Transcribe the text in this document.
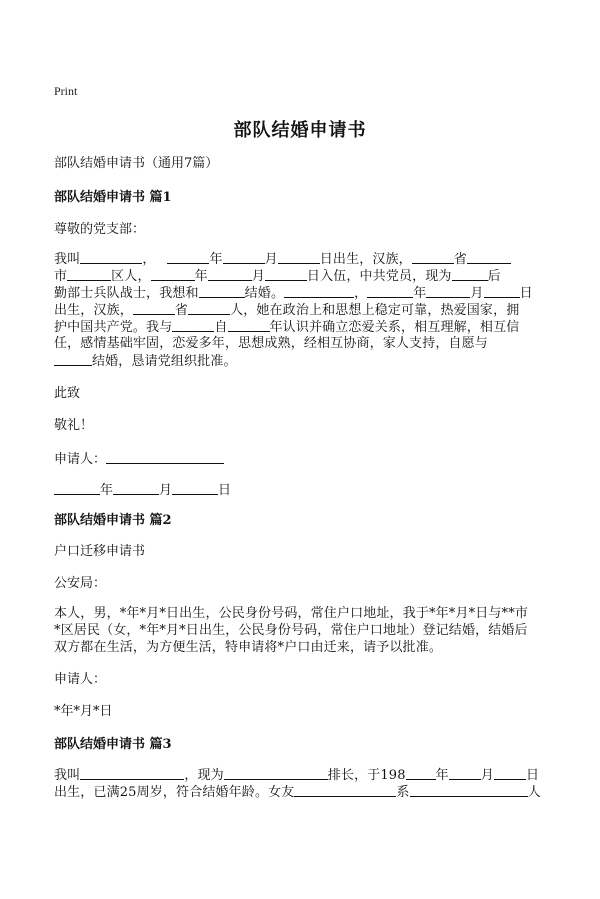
Print
部队结婚申请书
部队结婚申请书（通用7篇）
部队结婚申请书 篇1
尊敬的党支部：
我叫	，	年	月	日出生，汉族，	省
市	区人，	年	月	日入伍，中共党员，现为	后
勤部士兵队战士，我想和	结婚。	，	年	月	日
出生，汉族，	省	人，她在政治上和思想上稳定可靠，热爱国家，拥
护中国共产党。我与	自	年认识并确立恋爱关系，相互理解，相互信
任，感情基础牢固，恋爱多年，思想成熟，经相互协商，家人支持，自愿与
结婚，恳请党组织批准。
此致
敬礼！
申请人：
年	月	日
部队结婚申请书 篇2
户口迁移申请书
公安局：
本人，男，*年*月*日出生，公民身份号码，常住户口地址，我于*年*月*日与**市
*区居民（女，*年*月*日出生，公民身份号码，常住户口地址）登记结婚，结婚后
双方都在生活，为方便生活，特申请将*户口由迁来，请予以批准。
申请人：
*年*月*日
部队结婚申请书 篇3
我叫	，现为	排长，于198 年 月 日
出生，已满25周岁，符合结婚年龄。女友	系	人
